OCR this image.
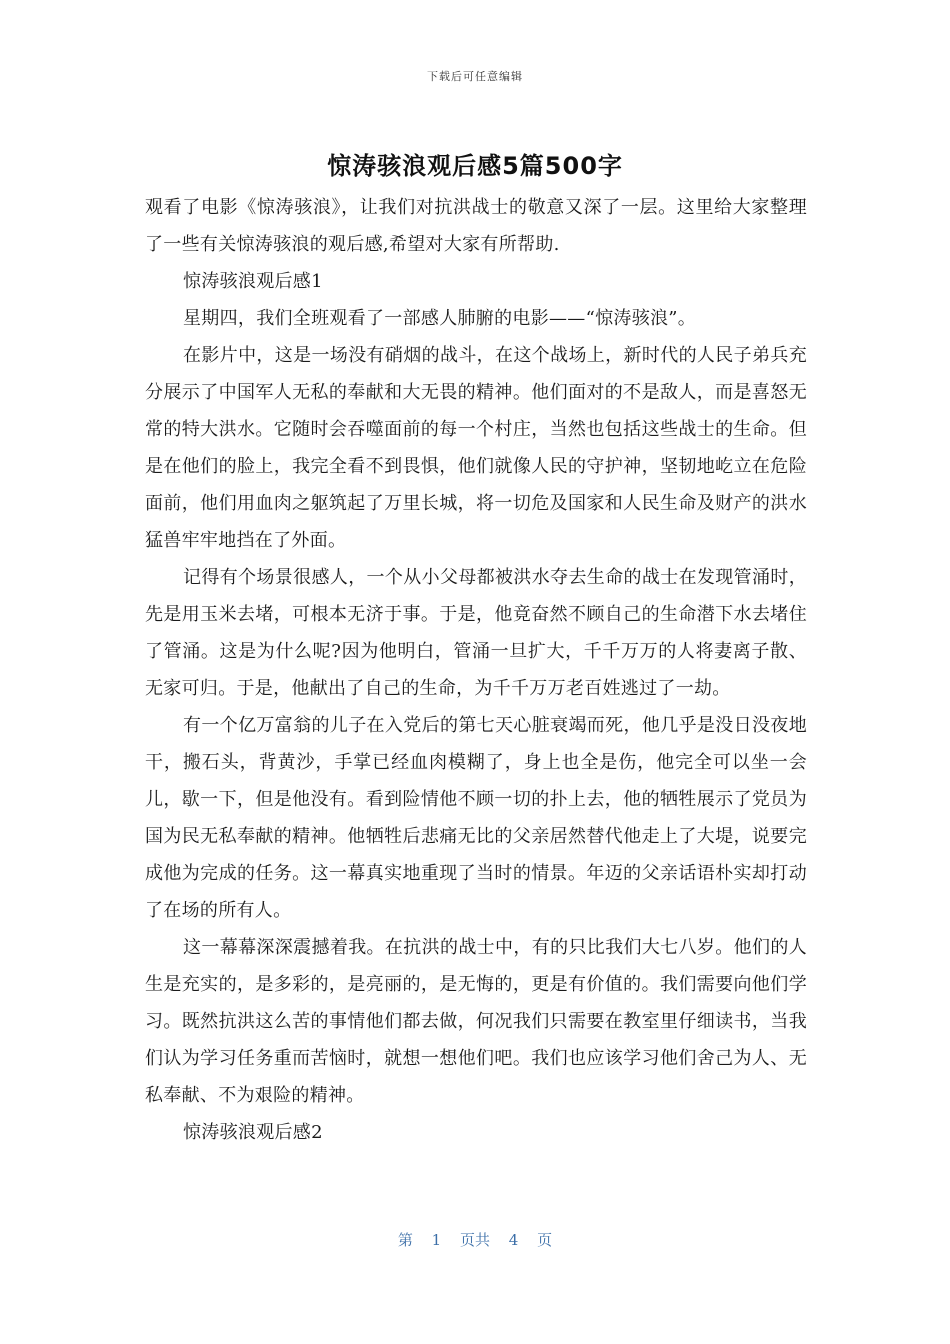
下载后可任意编辑
惊涛骇浪观后感5篇500字

观看了电影《惊涛骇浪》，让我们对抗洪战士的敬意又深了一层。这里给大家整理了一些有关惊涛骇浪的观后感,希望对大家有所帮助.

惊涛骇浪观后感1

星期四，我们全班观看了一部感人肺腑的电影——“惊涛骇浪”。

在影片中，这是一场没有硝烟的战斗，在这个战场上，新时代的人民子弟兵充分展示了中国军人无私的奉献和大无畏的精神。他们面对的不是敌人，而是喜怒无常的特大洪水。它随时会吞噬面前的每一个村庄，当然也包括这些战士的生命。但是在他们的脸上，我完全看不到畏惧，他们就像人民的守护神，坚韧地屹立在危险面前，他们用血肉之躯筑起了万里长城，将一切危及国家和人民生命及财产的洪水猛兽牢牢地挡在了外面。

记得有个场景很感人，一个从小父母都被洪水夺去生命的战士在发现管涌时，先是用玉米去堵，可根本无济于事。于是，他竟奋然不顾自己的生命潜下水去堵住了管涌。这是为什么呢?因为他明白，管涌一旦扩大，千千万万的人将妻离子散、无家可归。于是，他献出了自己的生命，为千千万万老百姓逃过了一劫。

有一个亿万富翁的儿子在入党后的第七天心脏衰竭而死，他几乎是没日没夜地干，搬石头，背黄沙，手掌已经血肉模糊了，身上也全是伤，他完全可以坐一会儿，歇一下，但是他没有。看到险情他不顾一切的扑上去，他的牺牲展示了党员为国为民无私奉献的精神。他牺牲后悲痛无比的父亲居然替代他走上了大堤，说要完成他为完成的任务。这一幕真实地重现了当时的情景。年迈的父亲话语朴实却打动了在场的所有人。

这一幕幕深深震撼着我。在抗洪的战士中，有的只比我们大七八岁。他们的人生是充实的，是多彩的，是亮丽的，是无悔的，更是有价值的。我们需要向他们学习。既然抗洪这么苦的事情他们都去做，何况我们只需要在教室里仔细读书，当我们认为学习任务重而苦恼时，就想一想他们吧。我们也应该学习他们舍己为人、无私奉献、不为艰险的精神。

惊涛骇浪观后感2

第 1 页共 4 页
